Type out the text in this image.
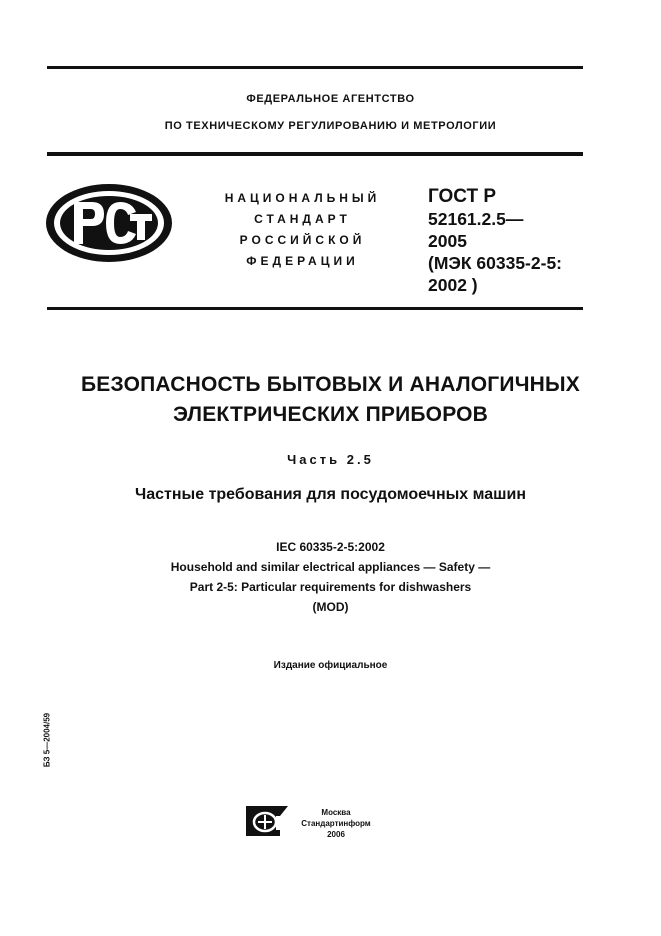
ФЕДЕРАЛЬНОЕ АГЕНТСТВО
ПО ТЕХНИЧЕСКОМУ РЕГУЛИРОВАНИЮ И МЕТРОЛОГИИ
НАЦИОНАЛЬНЫЙ
СТАНДАРТ
РОССИЙСКОЙ
ФЕДЕРАЦИИ
ГОСТ Р
52161.2.5—
2005
(МЭК 60335-2-5:
2002 )
БЕЗОПАСНОСТЬ БЫТОВЫХ И АНАЛОГИЧНЫХ
ЭЛЕКТРИЧЕСКИХ ПРИБОРОВ
Часть 2.5
Частные требования для посудомоечных машин
IEC 60335-2-5:2002
Household and similar electrical appliances — Safety —
Part 2-5: Particular requirements for dishwashers
(MOD)
Издание официальное
БЗ 5—2004/59
Москва
Стандартинформ
2006
